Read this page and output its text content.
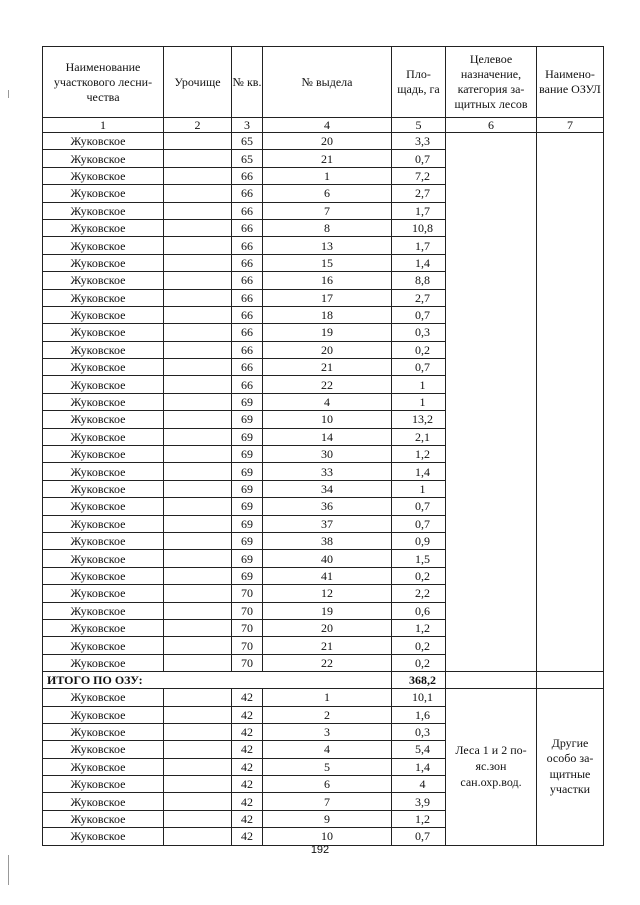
Наименование участкового лесни-чества	Урочище	№ кв.	№ выдела	Пло-щадь, га	Целевое назначение, категория за-щитных лесов	Наимено-вание ОЗУЛ
1	2	3	4	5	6	7
Жуковское		65	20	3,3		
Жуковское		65	21	0,7		
Жуковское		66	1	7,2		
Жуковское		66	6	2,7		
Жуковское		66	7	1,7		
Жуковское		66	8	10,8		
Жуковское		66	13	1,7		
Жуковское		66	15	1,4		
Жуковское		66	16	8,8		
Жуковское		66	17	2,7		
Жуковское		66	18	0,7		
Жуковское		66	19	0,3		
Жуковское		66	20	0,2		
Жуковское		66	21	0,7		
Жуковское		66	22	1		
Жуковское		69	4	1		
Жуковское		69	10	13,2		
Жуковское		69	14	2,1		
Жуковское		69	30	1,2		
Жуковское		69	33	1,4		
Жуковское		69	34	1		
Жуковское		69	36	0,7		
Жуковское		69	37	0,7		
Жуковское		69	38	0,9		
Жуковское		69	40	1,5		
Жуковское		69	41	0,2		
Жуковское		70	12	2,2		
Жуковское		70	19	0,6		
Жуковское		70	20	1,2		
Жуковское		70	21	0,2		
Жуковское		70	22	0,2		
ИТОГО ПО ОЗУ:				368,2		
Жуковское		42	1	10,1	Леса 1 и 2 по-яс.зон сан.охр.вод.	Другие особо за-щитные участки
Жуковское		42	2	1,6		
Жуковское		42	3	0,3		
Жуковское		42	4	5,4		
Жуковское		42	5	1,4		
Жуковское		42	6	4		
Жуковское		42	7	3,9		
Жуковское		42	9	1,2		
Жуковское		42	10	0,7		
192
